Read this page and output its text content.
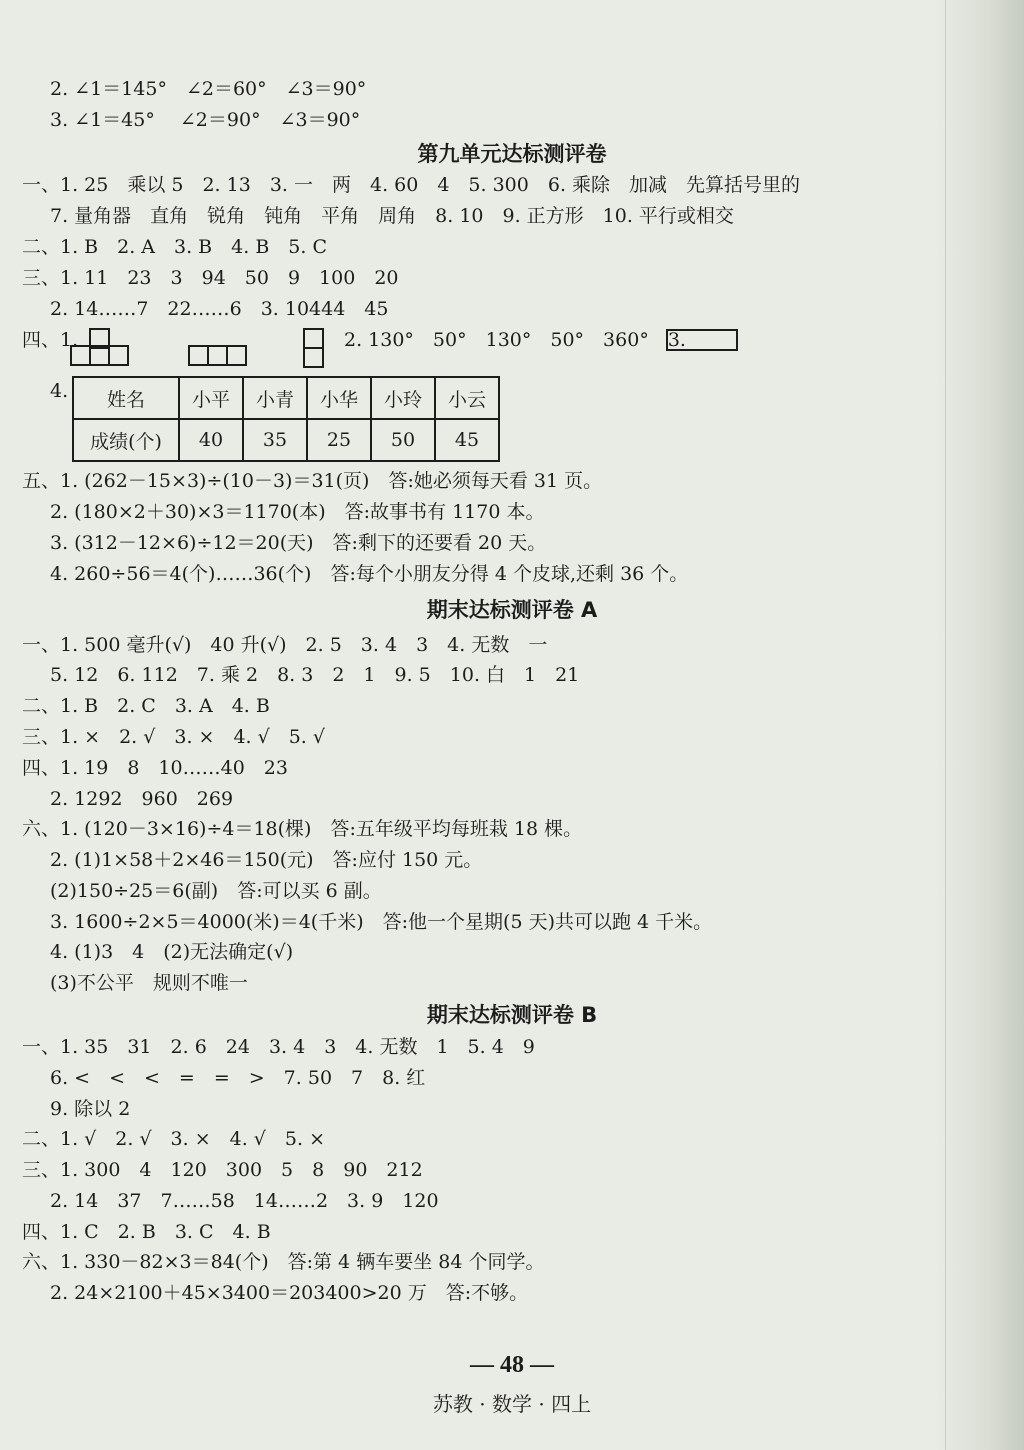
2. ∠1＝145°　∠2＝60°　∠3＝90°
3. ∠1＝45°　 ∠2＝90°　∠3＝90°
第九单元达标测评卷
一、1. 25　乘以 5　2. 13　3. 一　两　4. 60　4　5. 300　6. 乘除　加减　先算括号里的
7. 量角器　直角　锐角　钝角　平角　周角　8. 10　9. 正方形　10. 平行或相交
二、1. B　2. A　3. B　4. B　5. C
三、1. 11　23　3　94　50　9　100　20
2. 14……7　22……6　3. 10444　45
四、1.	2. 130°　50°　130°　50°　360°　3.
4. 姓名	小平	小青	小华	小玲	小云
成绩(个)	40	35	25	50	45
五、1. (262－15×3)÷(10－3)＝31(页)　答:她必须每天看 31 页。
2. (180×2＋30)×3＝1170(本)　答:故事书有 1170 本。
3. (312－12×6)÷12＝20(天)　答:剩下的还要看 20 天。
4. 260÷56＝4(个)……36(个)　答:每个小朋友分得 4 个皮球,还剩 36 个。
期末达标测评卷 A
一、1. 500 毫升(√)　40 升(√)　2. 5　3. 4　3　4. 无数　一
5. 12　6. 112　7. 乘 2　8. 3　2　1　9. 5　10. 白　1　21
二、1. B　2. C　3. A　4. B
三、1. ×　2. √　3. ×　4. √　5. √
四、1. 19　8　10……40　23
2. 1292　960　269
六、1. (120－3×16)÷4＝18(棵)　答:五年级平均每班栽 18 棵。
2. (1)1×58＋2×46＝150(元)　答:应付 150 元。
(2)150÷25＝6(副)　答:可以买 6 副。
3. 1600÷2×5＝4000(米)＝4(千米)　答:他一个星期(5 天)共可以跑 4 千米。
4. (1)3　4　(2)无法确定(√)
(3)不公平　规则不唯一
期末达标测评卷 B
一、1. 35　31　2. 6　24　3. 4　3　4. 无数　1　5. 4　9
6. <　<　<　=　=　>　7. 50　7　8. 红
9. 除以 2
二、1. √　2. √　3. ×　4. √　5. ×
三、1. 300　4　120　300　5　8　90　212
2. 14　37　7……58　14……2　3. 9　120
四、1. C　2. B　3. C　4. B
六、1. 330－82×3＝84(个)　答:第 4 辆车要坐 84 个同学。
2. 24×2100＋45×3400＝203400>20 万　答:不够。
— 48 —
苏教 · 数学 · 四上
